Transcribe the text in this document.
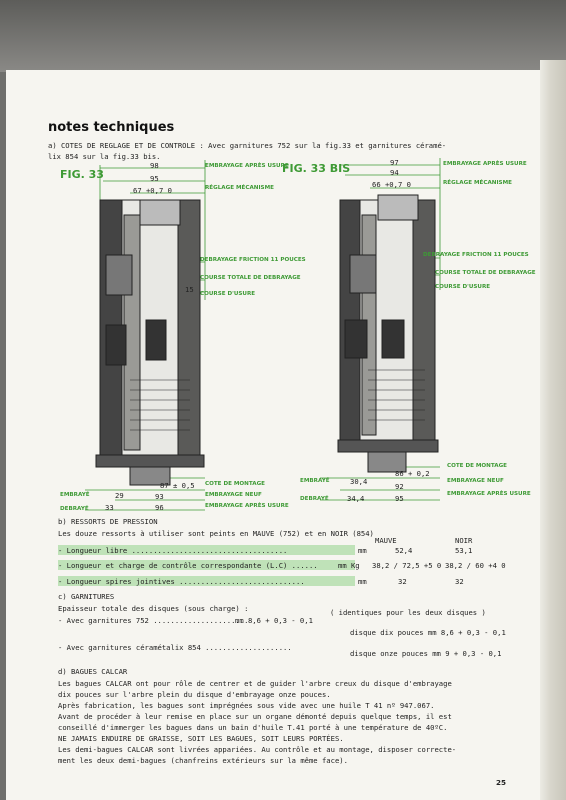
notes techniques
a) COTES DE REGLAGE ET DE CONTROLE : Avec garnitures 752 sur la fig.33 et garnitures céramé-
lix 854 sur la fig.33 bis.
FIG. 33
EMBRAYAGE APRÈS USURE
RÉGLAGE MÉCANISME
DEBRAYAGE FRICTION 11 POUCES
COURSE TOTALE DE DEBRAYAGE
COURSE D'USURE
COTE DE MONTAGE
EMBRAYAGE NEUF
EMBRAYAGE APRÈS USURE
EMBRAYÉ
DEBRAYÉ
98
95
67 +0,7 0
15
87 ± 0,5
29	93
33	96
FIG. 33 BIS	EMBRAYAGE APRÈS USURE
RÉGLAGE MÉCANISME
DEBRAYAGE FRICTION 11 POUCES
COURSE TOTALE DE DEBRAYAGE
COURSE D'USURE
COTE DE MONTAGE
EMBRAYAGE NEUF
EMBRAYAGE APRÈS USURE
EMBRAYÉ
DEBRAYÉ
97
94
66 +0,7 0
86 + 0,2
30,4
92
34,4	95
b) RESSORTS DE PRESSION
Les douze ressorts à utiliser sont peints en MAUVE (752) et en NOIR (854)
MAUVE	NOIR
- Longueur libre ....................................	mm	52,4	53,1
- Longueur et charge de contrôle correspondante (L.C) ......	mm Kg 38,2 / 72,5 +5 0 38,2 / 60 +4 0
- Longueur spires jointives .............................	mm	32	32
c) GARNITURES
Epaisseur totale des disques (sous charge) :
- Avec garnitures 752 ......................
mm 8,6 + 0,3 - 0,1
( identiques pour les deux disques )
disque dix pouces mm 8,6 + 0,3 - 0,1
- Avec garnitures céramétalix 854 ....................
disque onze pouces mm 9 + 0,3 - 0,1
d) BAGUES CALCAR
Les bagues CALCAR ont pour rôle de centrer et de guider l'arbre creux du disque d'embrayage
dix pouces sur l'arbre plein du disque d'embrayage onze pouces.
Après fabrication, les bagues sont imprégnées sous vide avec une huile T 41 nº 947.067.
Avant de procéder à leur remise en place sur un organe démonté depuis quelque temps, il est
conseillé d'immerger les bagues dans un bain d'huile T.41 porté à une température de 40ºC.
NE JAMAIS ENDUIRE DE GRAISSE, SOIT LES BAGUES, SOIT LEURS PORTÉES.
Les demi-bagues CALCAR sont livrées appariées. Au contrôle et au montage, disposer correcte-
ment les deux demi-bagues (chanfreins extérieurs sur la même face).
25
